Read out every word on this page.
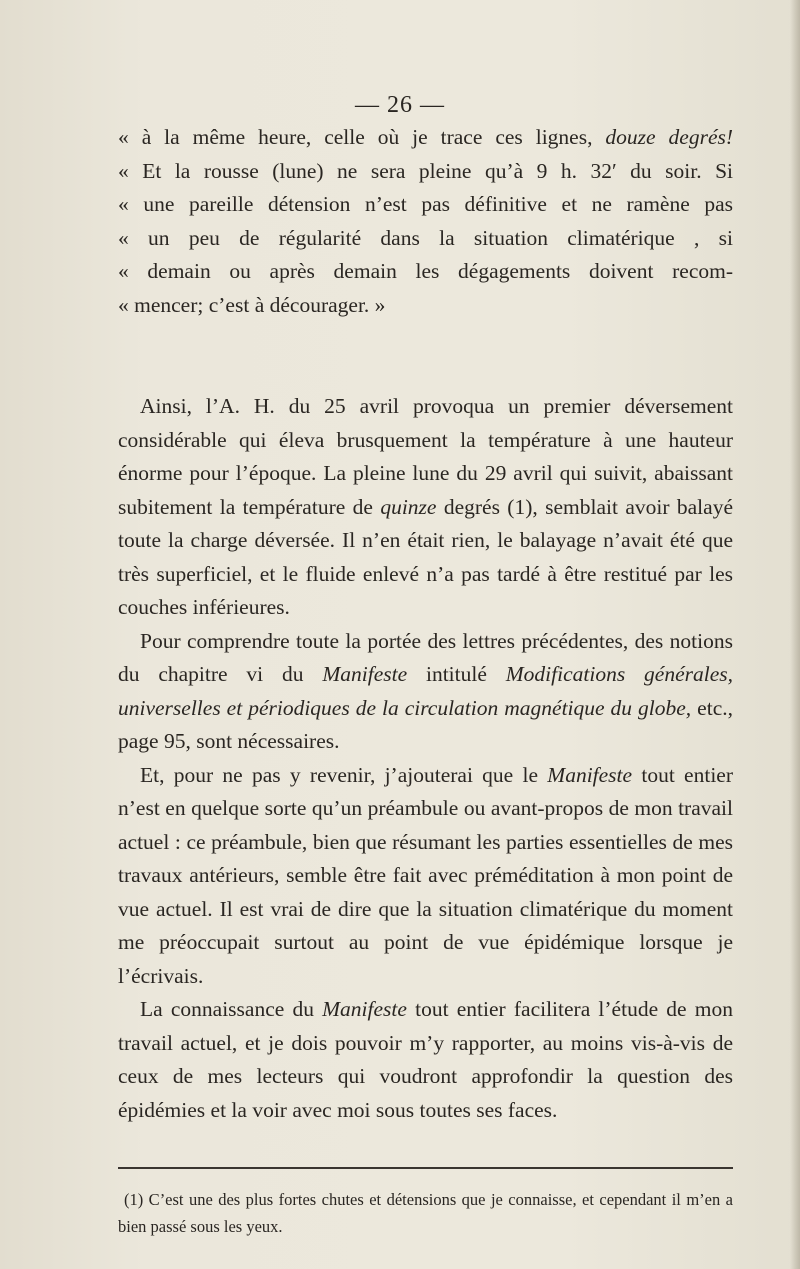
— 26 —
« à la même heure, celle où je trace ces lignes, douze degrés!
« Et la rousse (lune) ne sera pleine qu’à 9 h. 32′ du soir. Si
« une pareille détension n’est pas définitive et ne ramène pas
« un peu de régularité dans la situation climatérique , si
« demain ou après demain les dégagements doivent recom-
« mencer; c’est à décourager. »

Ainsi, l’A. H. du 25 avril provoqua un premier déversement considérable qui éleva brusquement la température à une hauteur énorme pour l’époque. La pleine lune du 29 avril qui suivit, abaissant subitement la température de quinze degrés (1), semblait avoir balayé toute la charge déversée. Il n’en était rien, le balayage n’avait été que très superficiel, et le fluide enlevé n’a pas tardé à être restitué par les couches inférieures.

Pour comprendre toute la portée des lettres précédentes, des notions du chapitre vi du Manifeste intitulé Modifications générales, universelles et périodiques de la circulation magnétique du globe, etc., page 95, sont nécessaires.

Et, pour ne pas y revenir, j’ajouterai que le Manifeste tout entier n’est en quelque sorte qu’un préambule ou avant-propos de mon travail actuel : ce préambule, bien que résumant les parties essentielles de mes travaux antérieurs, semble être fait avec préméditation à mon point de vue actuel. Il est vrai de dire que la situation climatérique du moment me préoccupait surtout au point de vue épidémique lorsque je l’écrivais.

La connaissance du Manifeste tout entier facilitera l’étude de mon travail actuel, et je dois pouvoir m’y rapporter, au moins vis-à-vis de ceux de mes lecteurs qui voudront approfondir la question des épidémies et la voir avec moi sous toutes ses faces.

(1) C’est une des plus fortes chutes et détensions que je connaisse, et cependant il m’en a bien passé sous les yeux.
